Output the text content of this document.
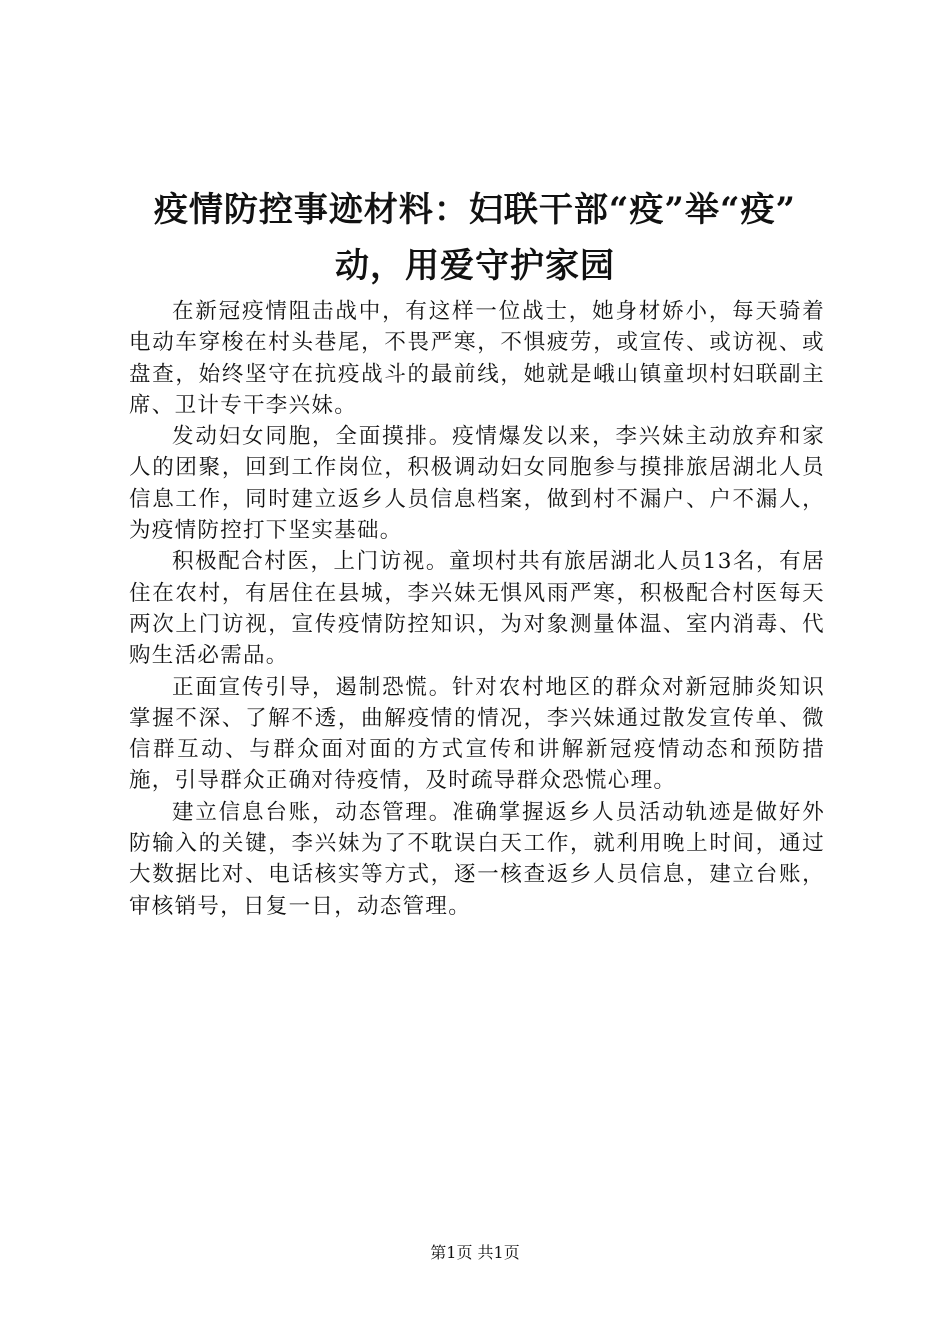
疫情防控事迹材料：妇联干部“疫”举“疫”
动，用爱守护家园

在新冠疫情阻击战中，有这样一位战士，她身材娇小，每天骑着电动车穿梭在村头巷尾，不畏严寒，不惧疲劳，或宣传、或访视、或盘查，始终坚守在抗疫战斗的最前线，她就是峨山镇童坝村妇联副主席、卫计专干李兴妹。

发动妇女同胞，全面摸排。疫情爆发以来，李兴妹主动放弃和家人的团聚，回到工作岗位，积极调动妇女同胞参与摸排旅居湖北人员信息工作，同时建立返乡人员信息档案，做到村不漏户、户不漏人，为疫情防控打下坚实基础。

积极配合村医，上门访视。童坝村共有旅居湖北人员13名，有居住在农村，有居住在县城，李兴妹无惧风雨严寒，积极配合村医每天两次上门访视，宣传疫情防控知识，为对象测量体温、室内消毒、代购生活必需品。

正面宣传引导，遏制恐慌。针对农村地区的群众对新冠肺炎知识掌握不深、了解不透，曲解疫情的情况，李兴妹通过散发宣传单、微信群互动、与群众面对面的方式宣传和讲解新冠疫情动态和预防措施，引导群众正确对待疫情，及时疏导群众恐慌心理。

建立信息台账，动态管理。准确掌握返乡人员活动轨迹是做好外防输入的关键，李兴妹为了不耽误白天工作，就利用晚上时间，通过大数据比对、电话核实等方式，逐一核查返乡人员信息，建立台账，审核销号，日复一日，动态管理。

第1页 共1页
